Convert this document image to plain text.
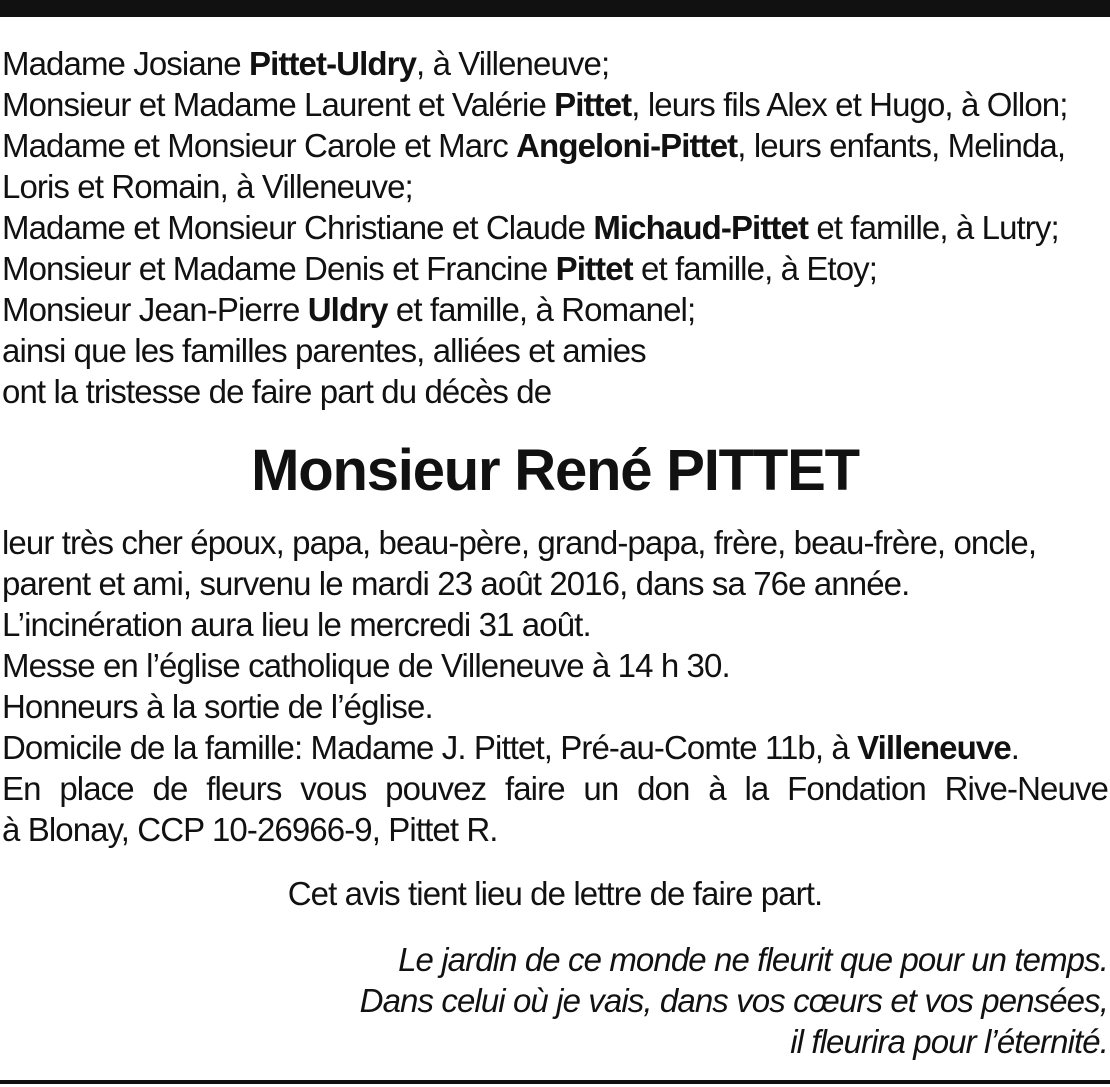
Madame Josiane Pittet-Uldry, à Villeneuve;
Monsieur et Madame Laurent et Valérie Pittet, leurs fils Alex et Hugo, à Ollon;
Madame et Monsieur Carole et Marc Angeloni-Pittet, leurs enfants, Melinda,
Loris et Romain, à Villeneuve;
Madame et Monsieur Christiane et Claude Michaud-Pittet et famille, à Lutry;
Monsieur et Madame Denis et Francine Pittet et famille, à Etoy;
Monsieur Jean-Pierre Uldry et famille, à Romanel;
ainsi que les familles parentes, alliées et amies
ont la tristesse de faire part du décès de
Monsieur René PITTET
leur très cher époux, papa, beau-père, grand-papa, frère, beau-frère, oncle,
parent et ami, survenu le mardi 23 août 2016, dans sa 76e année.
L’incinération aura lieu le mercredi 31 août.
Messe en l’église catholique de Villeneuve à 14 h 30.
Honneurs à la sortie de l’église.
Domicile de la famille: Madame J. Pittet, Pré-au-Comte 11b, à Villeneuve.
En place de fleurs vous pouvez faire un don à la Fondation Rive-Neuve
à Blonay, CCP 10-26966-9, Pittet R.
Cet avis tient lieu de lettre de faire part.
Le jardin de ce monde ne fleurit que pour un temps.
Dans celui où je vais, dans vos cœurs et vos pensées,
il fleurira pour l’éternité.
